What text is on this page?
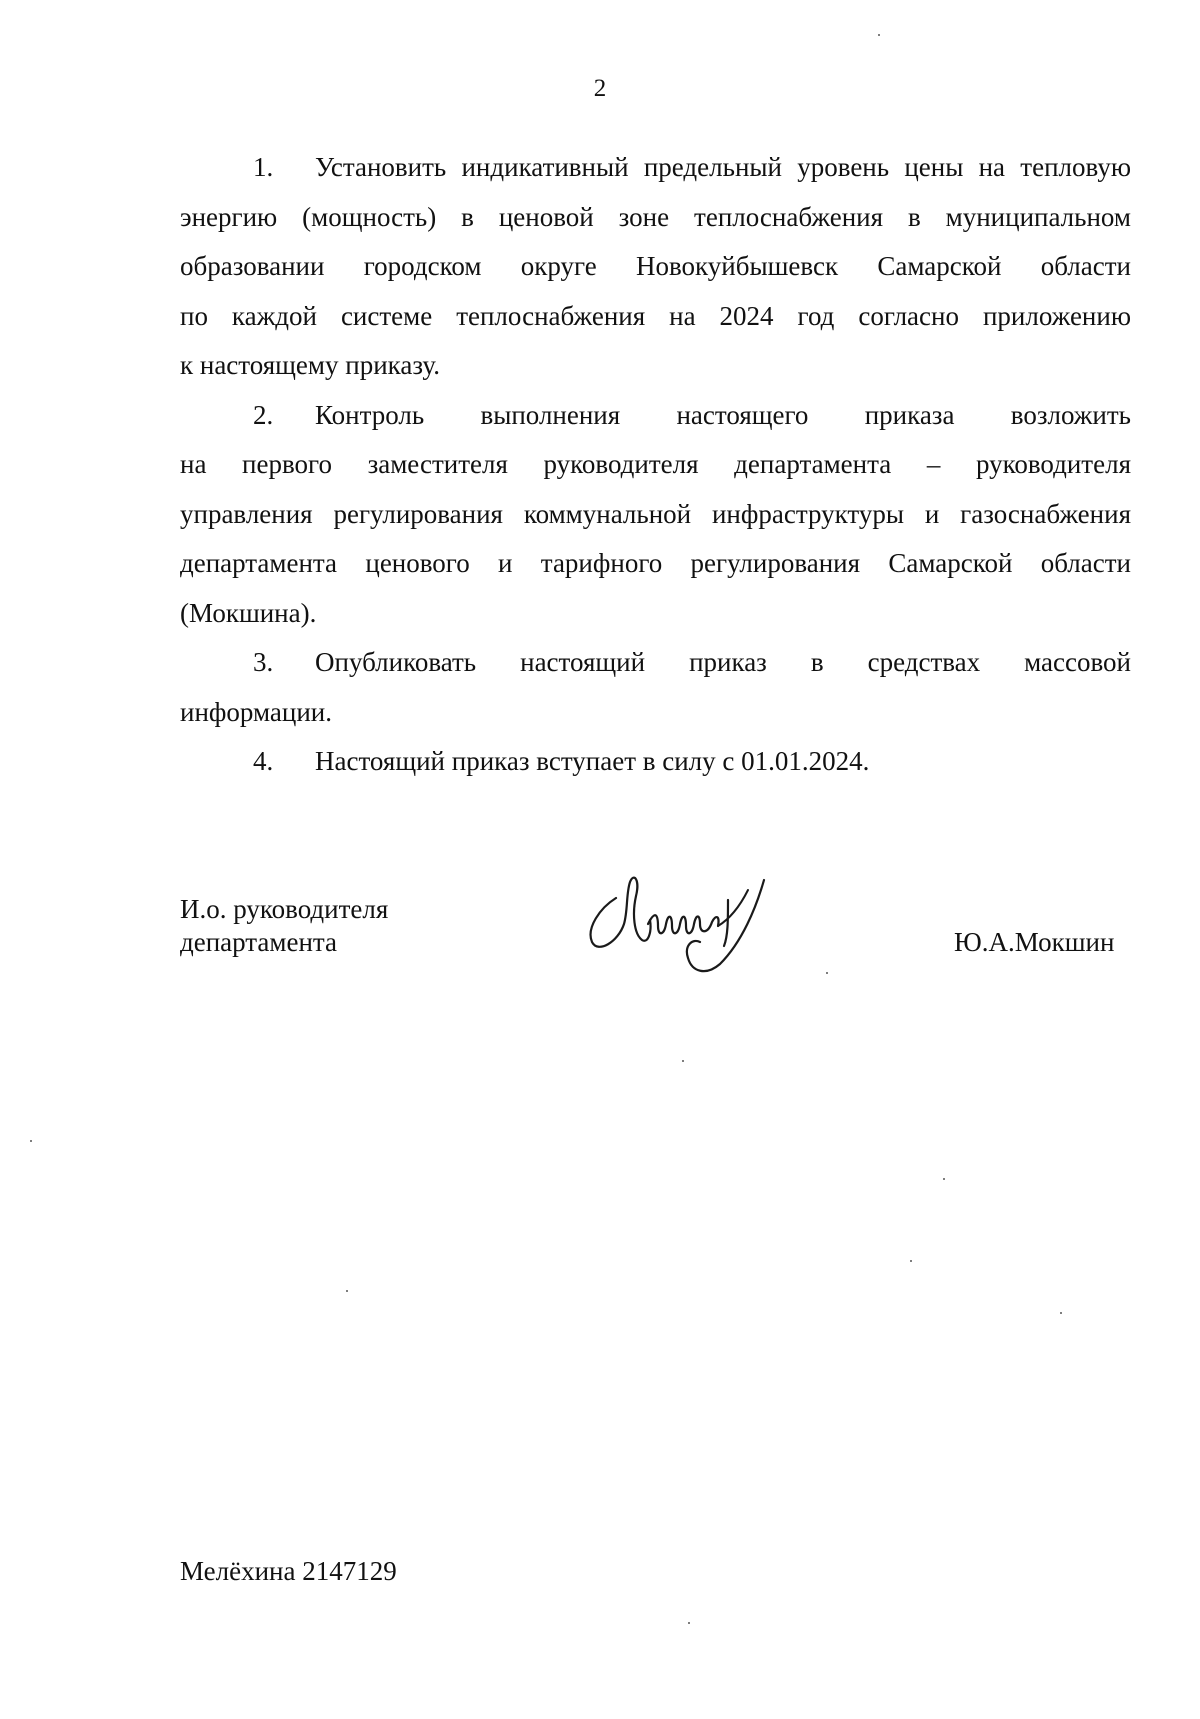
2

1. Установить индикативный предельный уровень цены на тепловую

энергию (мощность) в ценовой зоне теплоснабжения в муниципальном

образовании городском округе Новокуйбышевск Самарской области

по каждой системе теплоснабжения на 2024 год согласно приложению

к настоящему приказу.

2. Контроль выполнения настоящего приказа возложить

на первого заместителя руководителя департамента – руководителя

управления регулирования коммунальной инфраструктуры и газоснабжения

департамента ценового и тарифного регулирования Самарской области

(Мокшина).

3. Опубликовать настоящий приказ в средствах массовой

информации.

4. Настоящий приказ вступает в силу с 01.01.2024.

И.о. руководителя
департамента	Ю.А.Мокшин
Мелёхина 2147129
